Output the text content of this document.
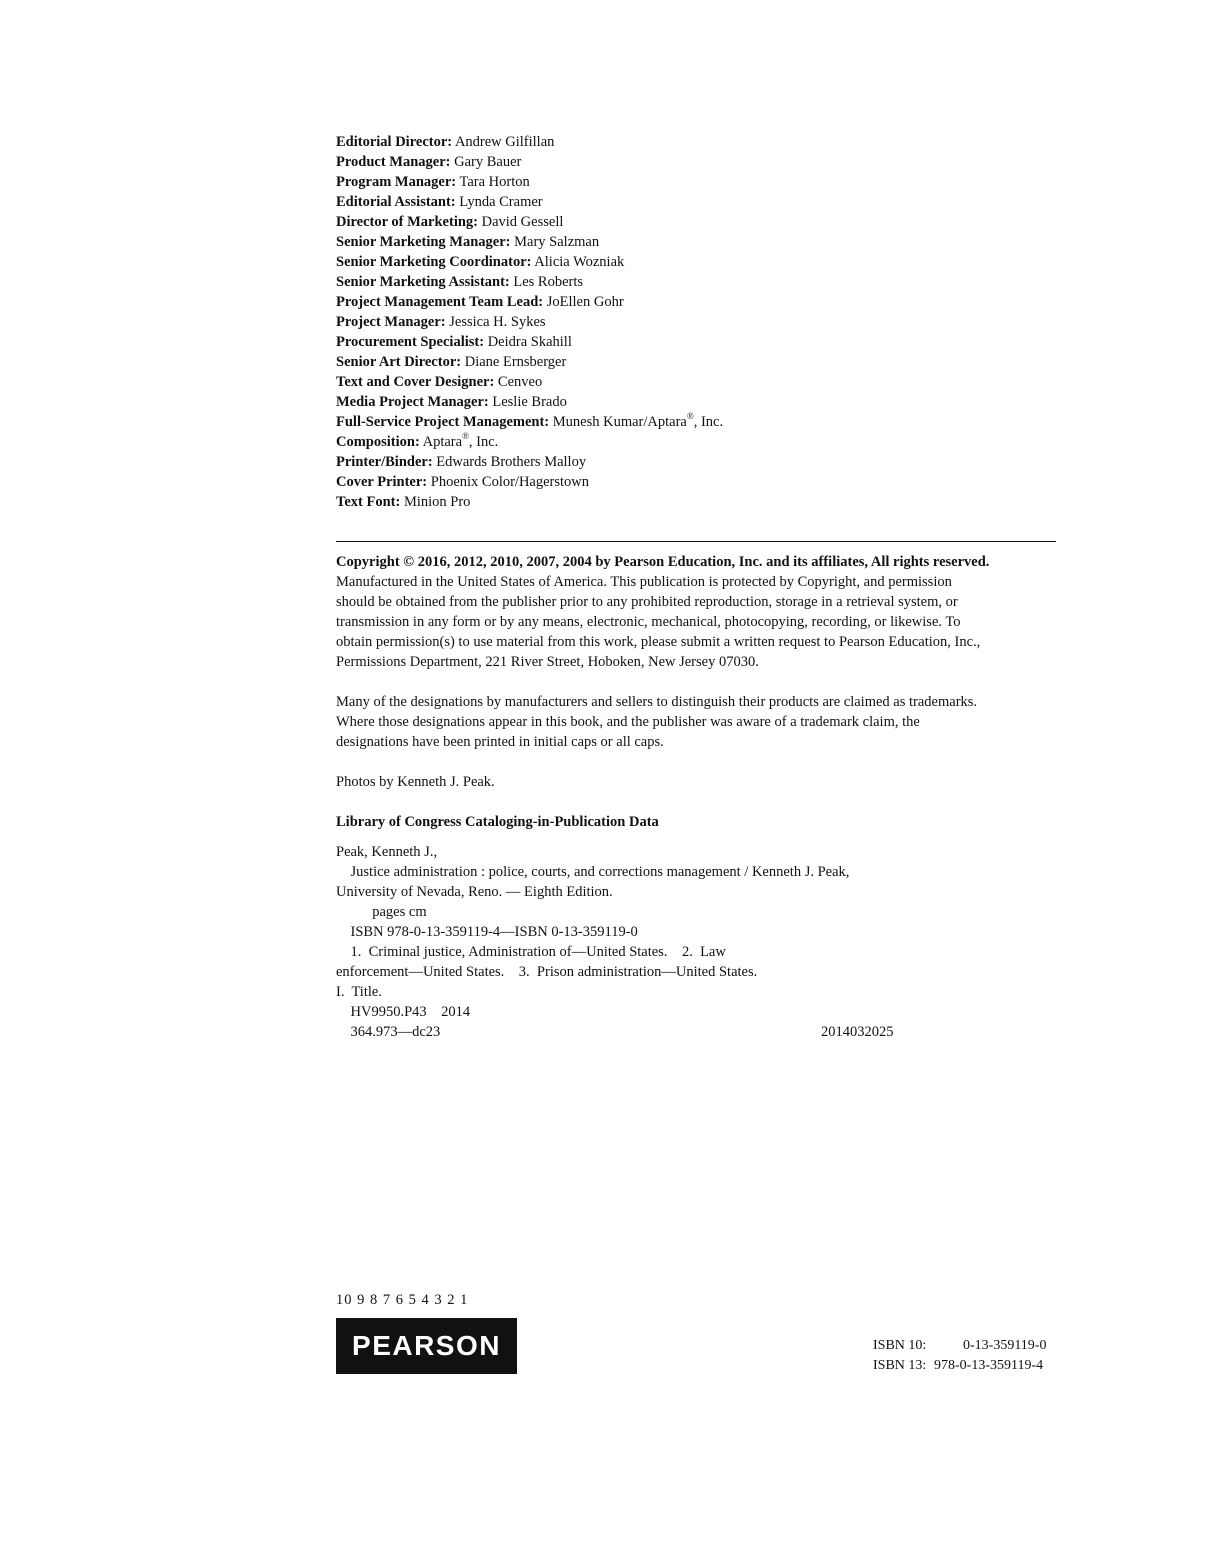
Editorial Director: Andrew Gilfillan
Product Manager: Gary Bauer
Program Manager: Tara Horton
Editorial Assistant: Lynda Cramer
Director of Marketing: David Gessell
Senior Marketing Manager: Mary Salzman
Senior Marketing Coordinator: Alicia Wozniak
Senior Marketing Assistant: Les Roberts
Project Management Team Lead: JoEllen Gohr
Project Manager: Jessica H. Sykes
Procurement Specialist: Deidra Skahill
Senior Art Director: Diane Ernsberger
Text and Cover Designer: Cenveo
Media Project Manager: Leslie Brado
Full-Service Project Management: Munesh Kumar/Aptara®, Inc.
Composition: Aptara®, Inc.
Printer/Binder: Edwards Brothers Malloy
Cover Printer: Phoenix Color/Hagerstown
Text Font: Minion Pro
Copyright © 2016, 2012, 2010, 2007, 2004 by Pearson Education, Inc. and its affiliates, All rights reserved.
Manufactured in the United States of America. This publication is protected by Copyright, and permission
should be obtained from the publisher prior to any prohibited reproduction, storage in a retrieval system, or
transmission in any form or by any means, electronic, mechanical, photocopying, recording, or likewise. To
obtain permission(s) to use material from this work, please submit a written request to Pearson Education, Inc.,
Permissions Department, 221 River Street, Hoboken, New Jersey 07030.
Many of the designations by manufacturers and sellers to distinguish their products are claimed as trademarks.
Where those designations appear in this book, and the publisher was aware of a trademark claim, the
designations have been printed in initial caps or all caps.
Photos by Kenneth J. Peak.
Library of Congress Cataloging-in-Publication Data
Peak, Kenneth J.,
Justice administration : police, courts, and corrections management / Kenneth J. Peak,
University of Nevada, Reno. — Eighth Edition.
pages cm
ISBN 978-0-13-359119-4—ISBN 0-13-359119-0
1.  Criminal justice, Administration of—United States.    2.  Law
enforcement—United States.    3.  Prison administration—United States.
I.  Title.
HV9950.P43    2014
364.973—dc23	2014032025
10 9 8 7 6 5 4 3 2 1
PEARSON	ISBN 10:	0-13-359119-0
ISBN 13: 978-0-13-359119-4
